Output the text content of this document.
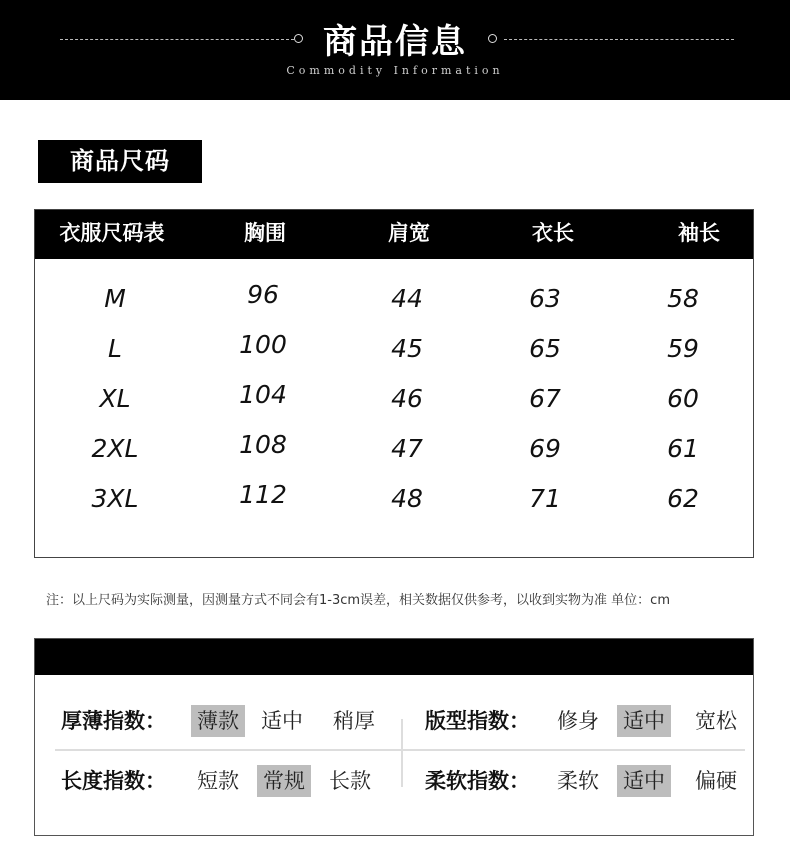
商品信息
Commodity Information
商品尺码
衣服尺码表	胸围	肩宽	衣长	袖长
M	96	44	63	58
L	100	45	65	59
XL	104	46	67	60
2XL	108	47	69	61
3XL	112	48	71	62
注：以上尺码为实际测量，因测量方式不同会有1-3cm误差，相关数据仅供参考，以收到实物为准 单位：cm
厚薄指数： 薄款 适中 稍厚 版型指数： 修身 适中 宽松
长度指数： 短款 常规 长款	柔软指数： 柔软 适中 偏硬
